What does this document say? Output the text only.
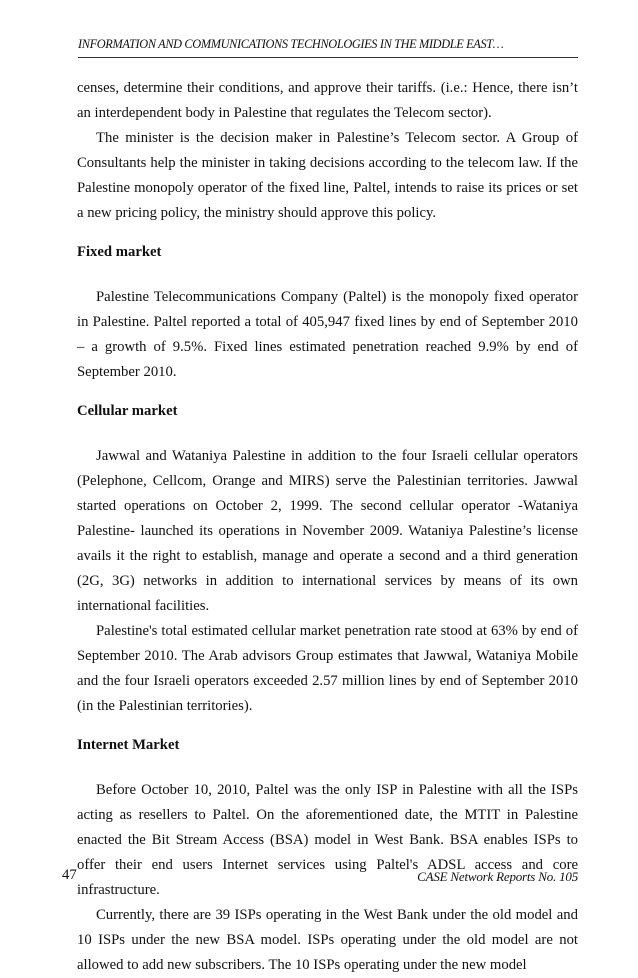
INFORMATION AND COMMUNICATIONS TECHNOLOGIES IN THE MIDDLE EAST…

censes, determine their conditions, and approve their tariffs. (i.e.: Hence, there isn’t an interdependent body in Palestine that regulates the Telecom sector).

The minister is the decision maker in Palestine’s Telecom sector. A Group of Consultants help the minister in taking decisions according to the telecom law. If the Palestine monopoly operator of the fixed line, Paltel, intends to raise its prices or set a new pricing policy, the ministry should approve this policy.

Fixed market

Palestine Telecommunications Company (Paltel) is the monopoly fixed operator in Palestine. Paltel reported a total of 405,947 fixed lines by end of September 2010 – a growth of 9.5%. Fixed lines estimated penetration reached 9.9% by end of September 2010.

Cellular market

Jawwal and Wataniya Palestine in addition to the four Israeli cellular operators (Pelephone, Cellcom, Orange and MIRS) serve the Palestinian territories. Jawwal started operations on October 2, 1999. The second cellular operator -Wataniya Palestine- launched its operations in November 2009. Wataniya Palestine’s license avails it the right to establish, manage and operate a second and a third generation (2G, 3G) networks in addition to international services by means of its own international facilities.

Palestine's total estimated cellular market penetration rate stood at 63% by end of September 2010. The Arab advisors Group estimates that Jawwal, Wataniya Mobile and the four Israeli operators exceeded 2.57 million lines by end of September 2010 (in the Palestinian territories).

Internet Market

Before October 10, 2010, Paltel was the only ISP in Palestine with all the ISPs acting as resellers to Paltel. On the aforementioned date, the MTIT in Palestine enacted the Bit Stream Access (BSA) model in West Bank. BSA enables ISPs to offer their end users Internet services using Paltel's ADSL access and core infrastructure.

Currently, there are 39 ISPs operating in the West Bank under the old model and 10 ISPs under the new BSA model. ISPs operating under the old model are not allowed to add new subscribers. The 10 ISPs operating under the new model

47	CASE Network Reports No. 105
